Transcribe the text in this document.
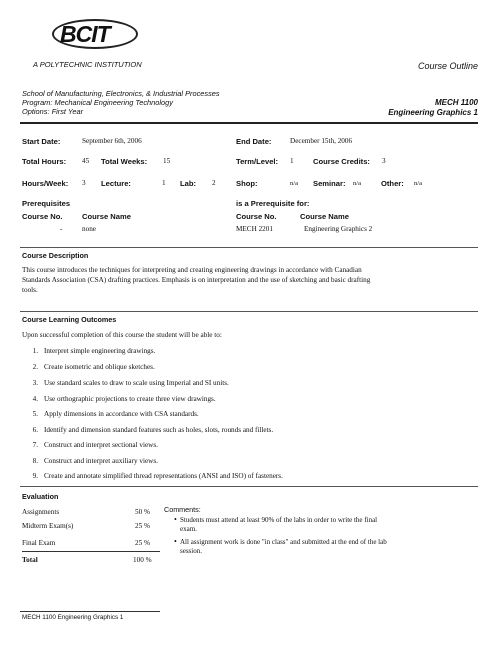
BCIT
A POLYTECHNIC INSTITUTION	Course Outline
School of Manufacturing, Electronics, & Industrial Processes
Program: Mechanical Engineering Technology
Options: First Year
MECH 1100
Engineering Graphics 1
Start Date:	September 6th, 2006	End Date:	December 15th, 2006
Total Hours: 45 Total Weeks: 15	Term/Level: 1	Course Credits: 3
Hours/Week: 3 Lecture:	1 Lab: 2	Shop:	n/a Seminar: n/a	Other: n/a
Prerequisites
Course No.	Course Name
-	none
is a Prerequisite for:
Course No.	Course Name
MECH 2201	Engineering Graphics 2
Course Description
This course introduces the techniques for interpreting and creating engineering drawings in accordance with Canadian
Standards Association (CSA) drafting practices. Emphasis is on interpretation and the use of sketching and basic drafting
tools.
Course Learning Outcomes
Upon successful completion of this course the student will be able to:
1. Interpret simple engineering drawings.
2. Create isometric and oblique sketches.
3. Use standard scales to draw to scale using Imperial and SI units.
4. Use orthographic projections to create three view drawings.
5. Apply dimensions in accordance with CSA standards.
6. Identify and dimension standard features such as holes, slots, rounds and fillets.
7. Construct and interpret sectional views.
8. Construct and interpret auxiliary views.
9. Create and annotate simplified thread representations (ANSI and ISO) of fasteners.
Evaluation
Assignments	50 %
Midterm Exam(s)	25 %
Final Exam	25 %
Total	100 %
Comments:
• Students must attend at least 90% of the labs in order to write the final
exam.
• All assignment work is done "in class" and submitted at the end of the lab
session.
MECH 1100 Engineering Graphics 1
